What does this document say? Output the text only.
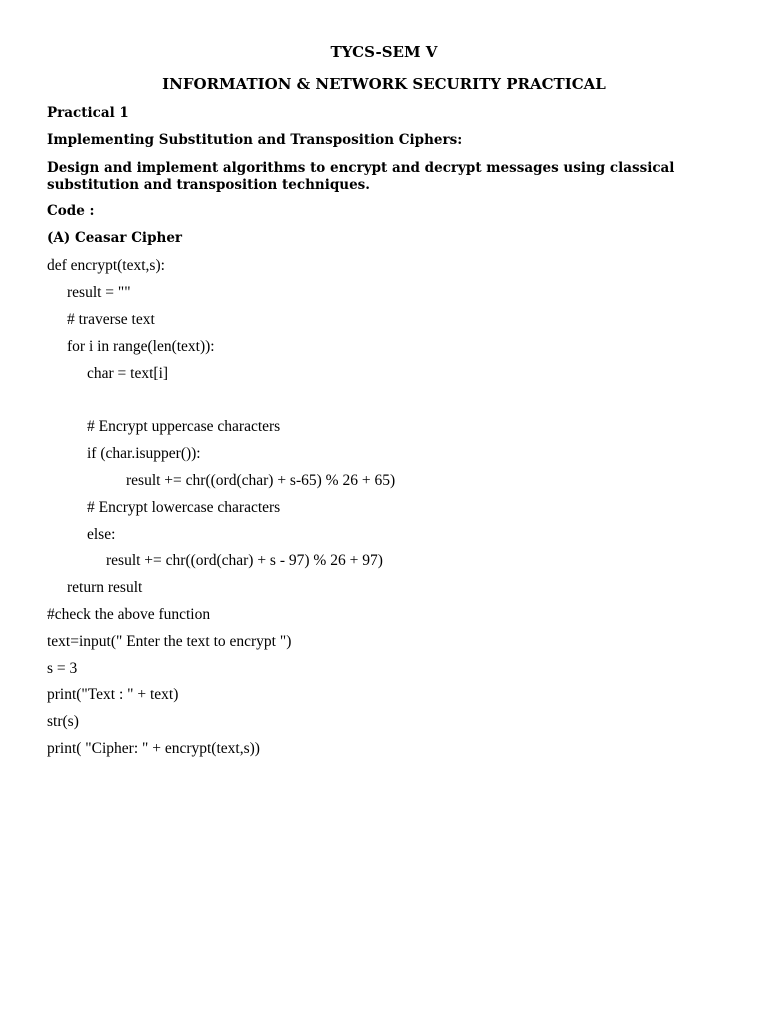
TYCS-SEM V
INFORMATION & NETWORK SECURITY PRACTICAL
Practical 1
Implementing Substitution and Transposition Ciphers:
Design and implement algorithms to encrypt and decrypt messages using classical substitution and transposition techniques.
Code :
(A) Ceasar Cipher
def encrypt(text,s):
result = ""
# traverse text
for i in range(len(text)):
char = text[i]
# Encrypt uppercase characters
if (char.isupper()):
result += chr((ord(char) + s-65) % 26 + 65)
# Encrypt lowercase characters
else:
result += chr((ord(char) + s - 97) % 26 + 97)
return result
#check the above function
text=input(" Enter the text to encrypt ")
s = 3
print("Text : " + text)
str(s)
print( "Cipher: " + encrypt(text,s))
